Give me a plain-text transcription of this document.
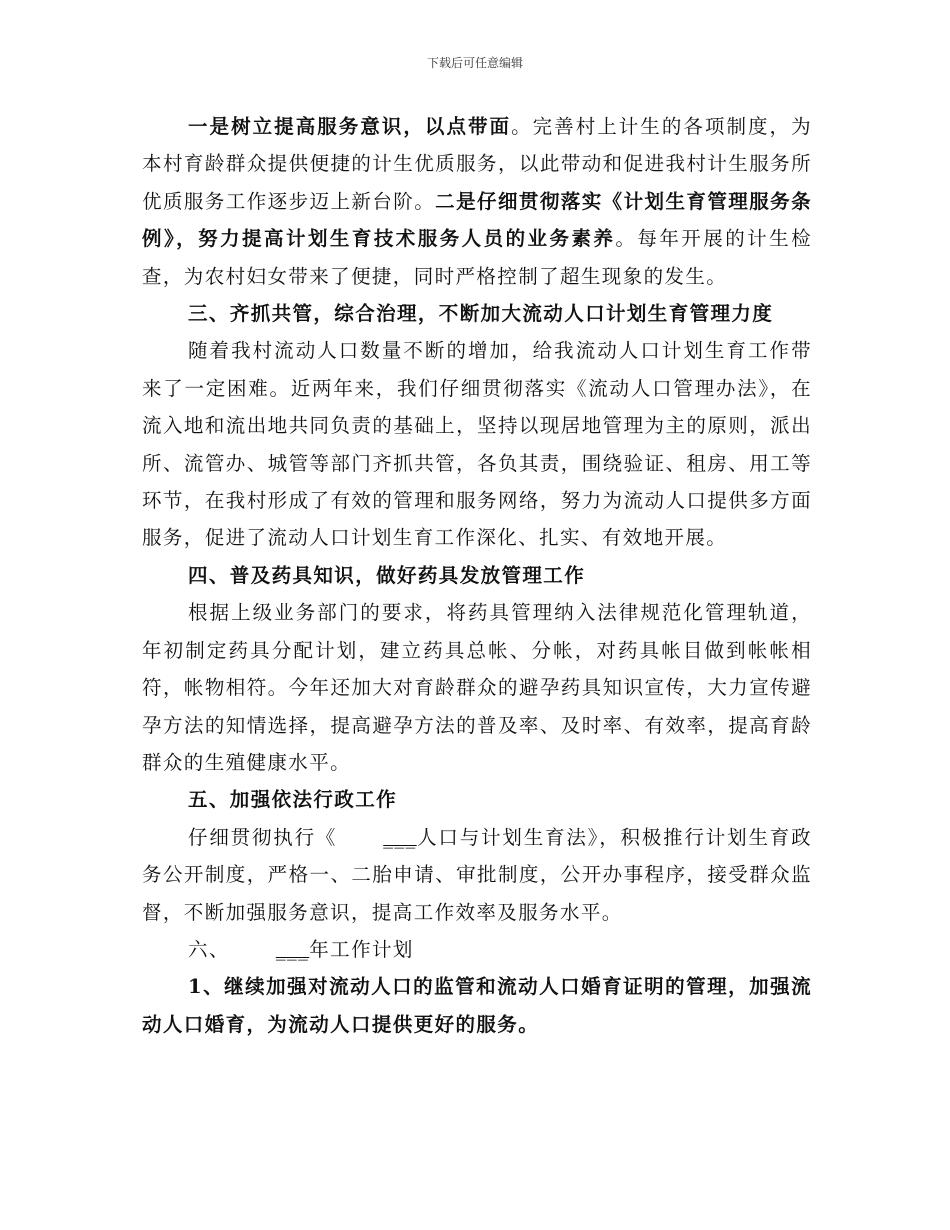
下载后可任意编辑

一是树立提高服务意识，以点带面。完善村上计生的各项制度，为本村育龄群众提供便捷的计生优质服务，以此带动和促进我村计生服务所优质服务工作逐步迈上新台阶。二是仔细贯彻落实《计划生育管理服务条例》，努力提高计划生育技术服务人员的业务素养。每年开展的计生检查，为农村妇女带来了便捷，同时严格控制了超生现象的发生。

三、齐抓共管，综合治理，不断加大流动人口计划生育管理力度

随着我村流动人口数量不断的增加，给我流动人口计划生育工作带来了一定困难。近两年来，我们仔细贯彻落实《流动人口管理办法》，在流入地和流出地共同负责的基础上，坚持以现居地管理为主的原则，派出所、流管办、城管等部门齐抓共管，各负其责，围绕验证、租房、用工等环节，在我村形成了有效的管理和服务网络，努力为流动人口提供多方面服务，促进了流动人口计划生育工作深化、扎实、有效地开展。

四、普及药具知识，做好药具发放管理工作

根据上级业务部门的要求，将药具管理纳入法律规范化管理轨道，年初制定药具分配计划，建立药具总帐、分帐，对药具帐目做到帐帐相符，帐物相符。今年还加大对育龄群众的避孕药具知识宣传，大力宣传避孕方法的知情选择，提高避孕方法的普及率、及时率、有效率，提高育龄群众的生殖健康水平。

五、加强依法行政工作

仔细贯彻执行《 ___人口与计划生育法》，积极推行计划生育政务公开制度，严格一、二胎申请、审批制度，公开办事程序，接受群众监督，不断加强服务意识，提高工作效率及服务水平。

六、 ___年工作计划

1、继续加强对流动人口的监管和流动人口婚育证明的管理，加强流动人口婚育，为流动人口提供更好的服务。
